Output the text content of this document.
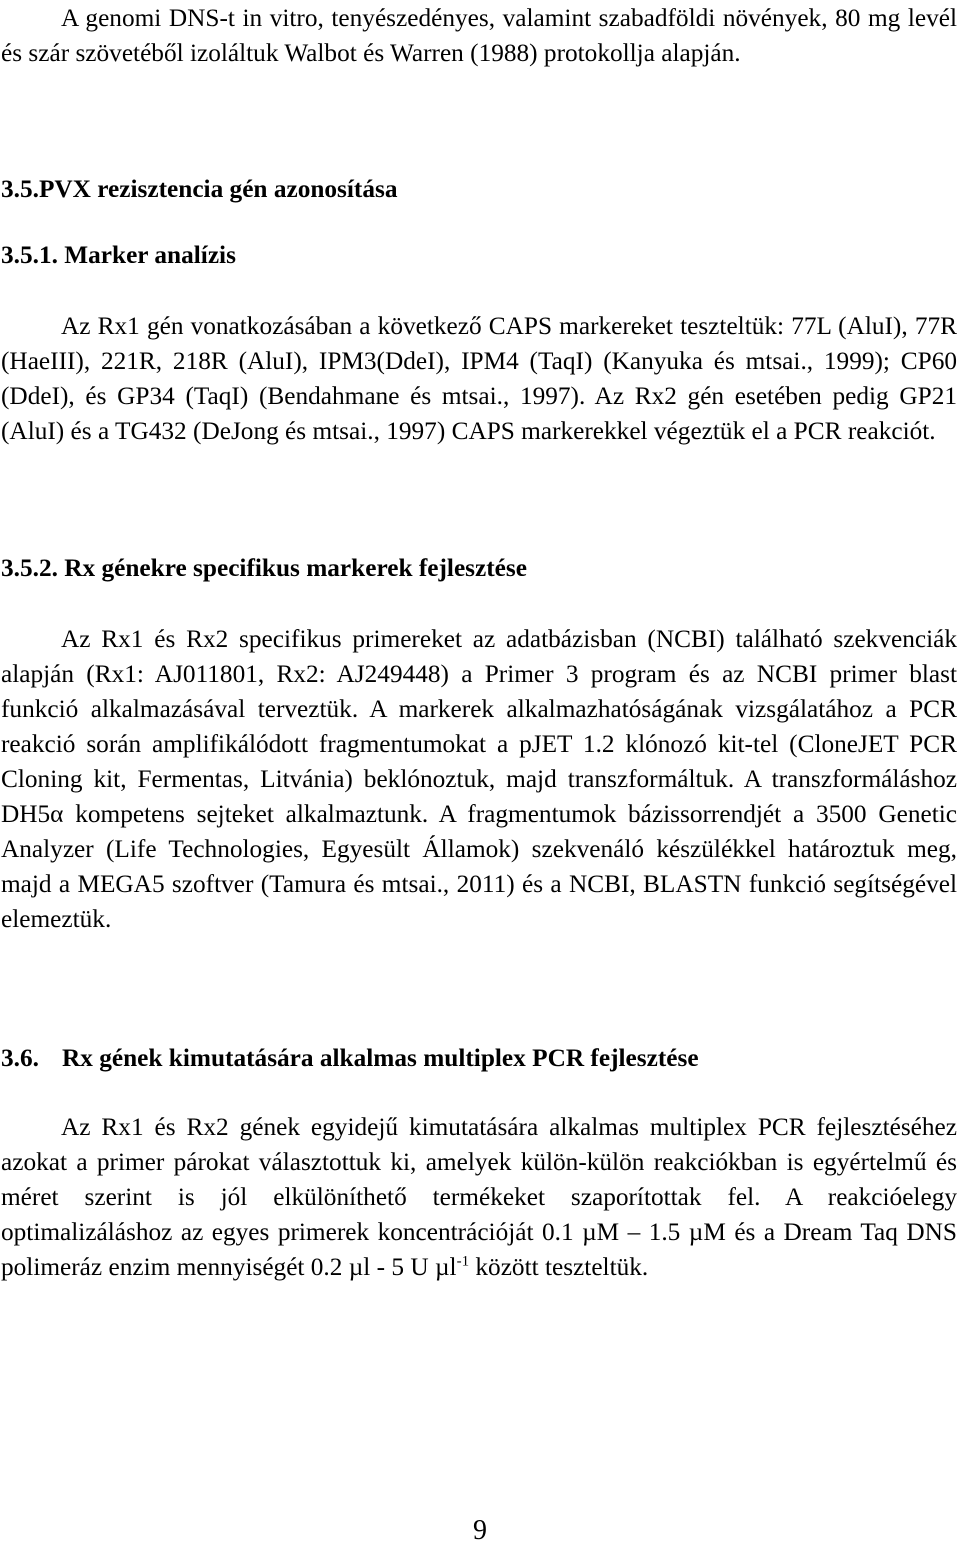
A genomi DNS-t in vitro, tenyészedényes, valamint szabadföldi növények, 80 mg levél és szár szövetéből izoláltuk Walbot és Warren (1988) protokollja alapján.

3.5.PVX rezisztencia gén azonosítása
3.5.1. Marker analízis

Az Rx1 gén vonatkozásában a következő CAPS markereket teszteltük: 77L (AluI), 77R (HaeIII), 221R, 218R (AluI), IPM3(DdeI), IPM4 (TaqI) (Kanyuka és mtsai., 1999); CP60 (DdeI), és GP34 (TaqI) (Bendahmane és mtsai., 1997). Az Rx2 gén esetében pedig GP21 (AluI) és a TG432 (DeJong és mtsai., 1997) CAPS markerekkel végeztük el a PCR reakciót.

3.5.2. Rx génekre specifikus markerek fejlesztése

Az Rx1 és Rx2 specifikus primereket az adatbázisban (NCBI) található szekvenciák alapján (Rx1: AJ011801, Rx2: AJ249448) a Primer 3 program és az NCBI primer blast funkció alkalmazásával terveztük. A markerek alkalmazhatóságának vizsgálatához a PCR reakció során amplifikálódott fragmentumokat a pJET 1.2 klónozó kit-tel (CloneJET PCR Cloning kit, Fermentas, Litvánia) beklónoztuk, majd transzformáltuk. A transzformáláshoz DH5α kompetens sejteket alkalmaztunk. A fragmentumok bázissorrendjét a 3500 Genetic Analyzer (Life Technologies, Egyesült Államok) szekvenáló készülékkel határoztuk meg, majd a MEGA5 szoftver (Tamura és mtsai., 2011) és a NCBI, BLASTN funkció segítségével elemeztük.

3.6. Rx gének kimutatására alkalmas multiplex PCR fejlesztése

Az Rx1 és Rx2 gének egyidejű kimutatására alkalmas multiplex PCR fejlesztéséhez azokat a primer párokat választottuk ki, amelyek külön-külön reakciókban is egyértelmű és méret szerint is jól elkülöníthető termékeket szaporítottak fel. A reakcióelegy optimalizáláshoz az egyes primerek koncentrációját 0.1 µM – 1.5 µM és a Dream Taq DNS polimeráz enzim mennyiségét 0.2 µl - 5 U µl$^{-1}$ között teszteltük.

9
